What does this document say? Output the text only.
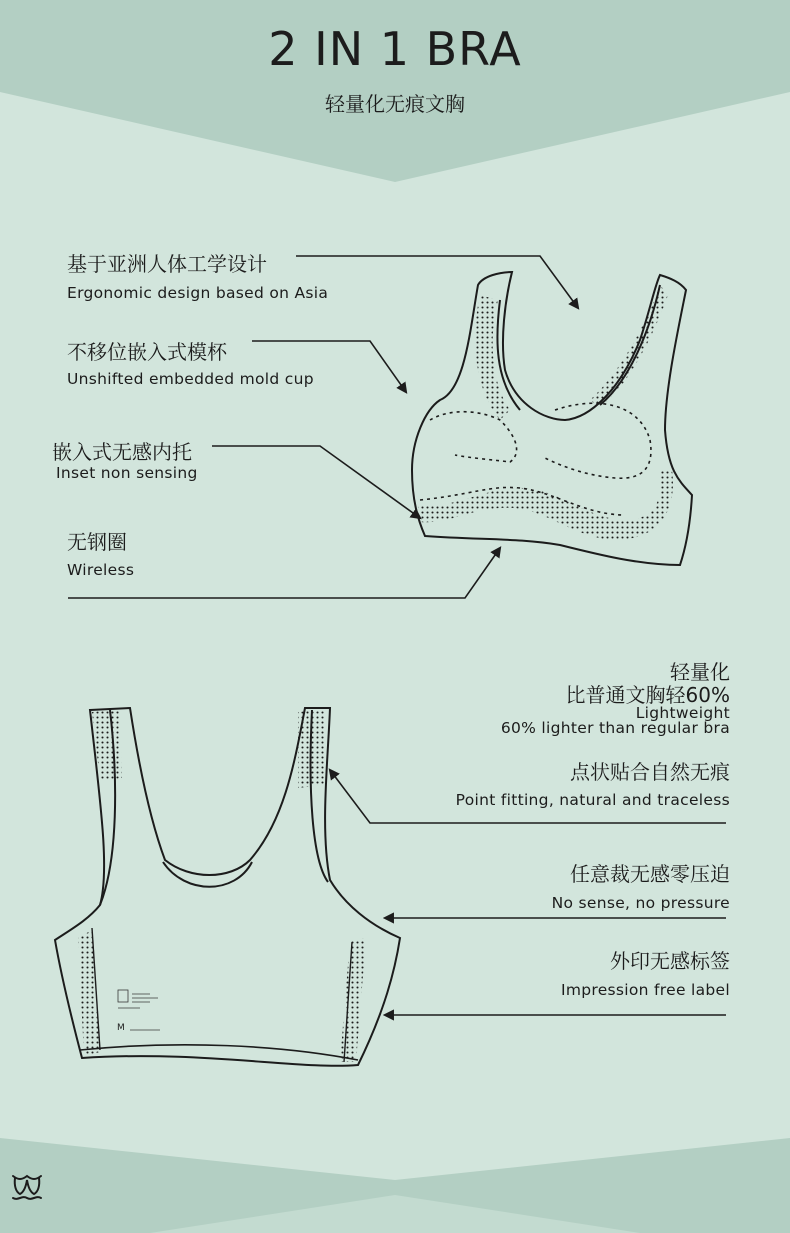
2 IN 1 BRA
轻量化无痕文胸
基于亚洲人体工学设计
Ergonomic design based on Asia
不移位嵌入式模杯
Unshifted embedded mold cup
嵌入式无感内托
Inset non sensing
无钢圈
Wireless
轻量化
比普通文胸轻60%
Lightweight
60% lighter than regular bra
点状贴合自然无痕
Point fitting, natural and traceless
任意裁无感零压迫
No sense, no pressure
外印无感标签
Impression free label
M
